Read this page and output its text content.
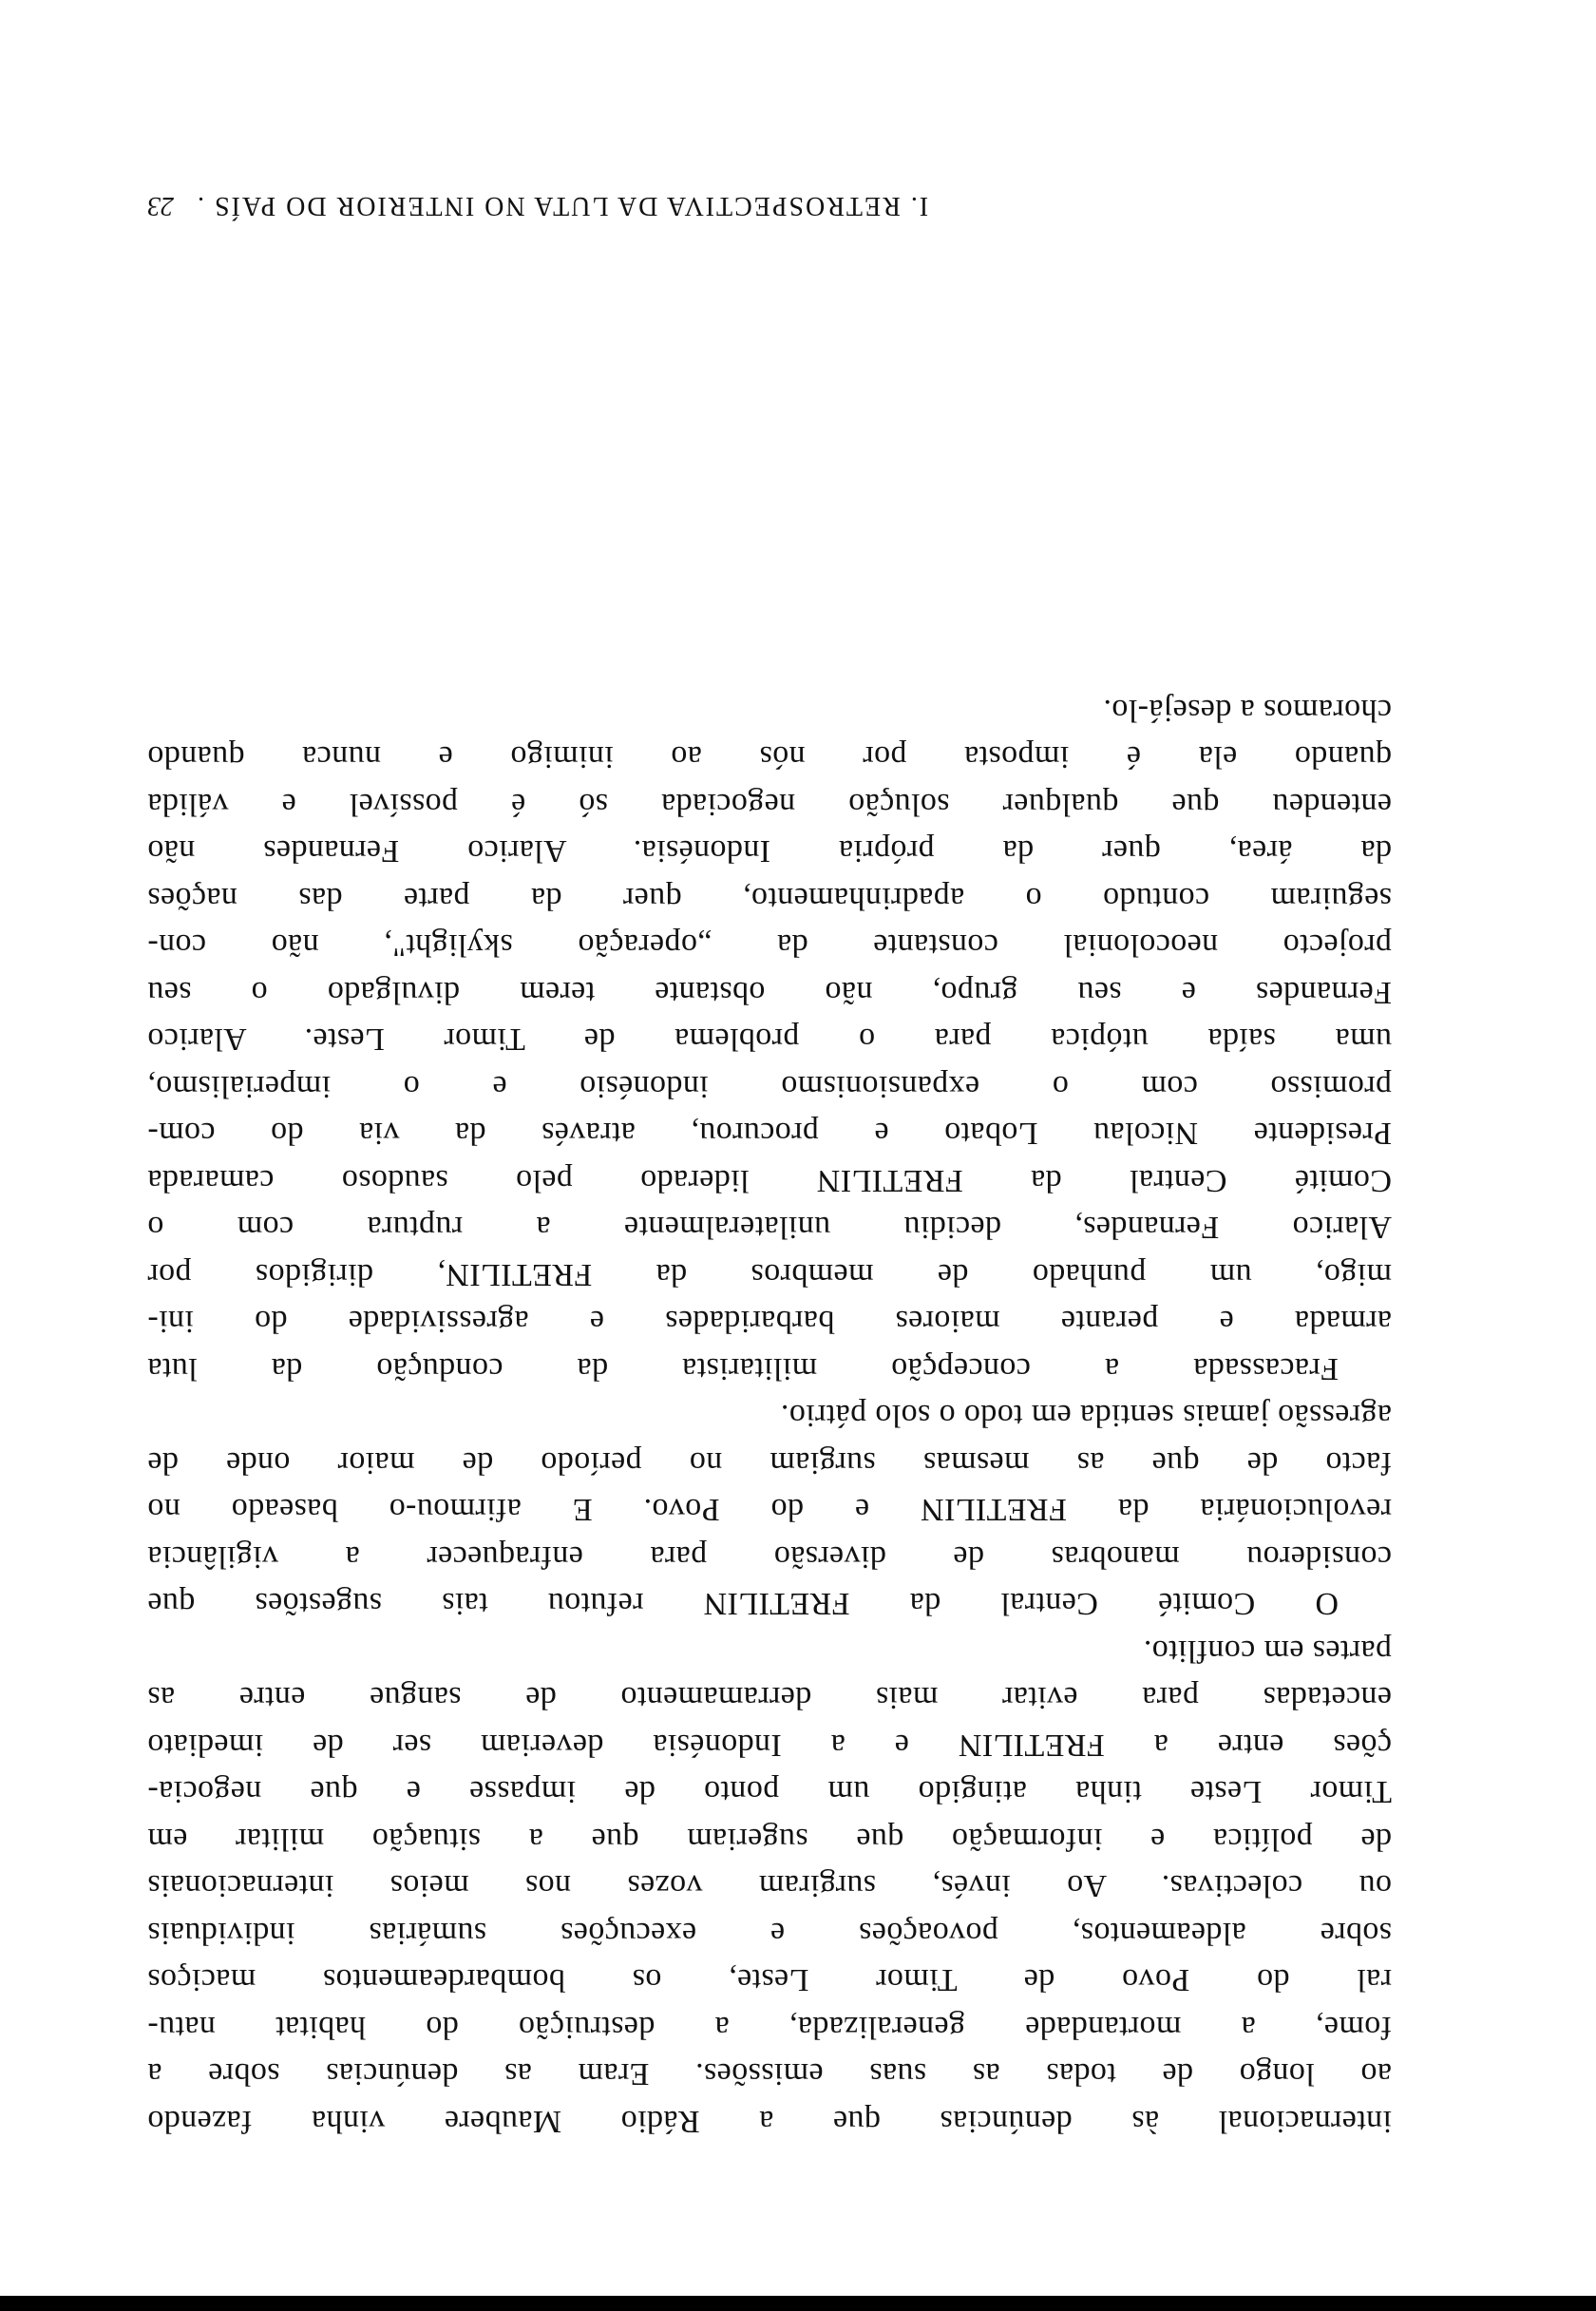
internacional às denúncias que a Rádio Maubere vinha fazendo
ao longo de todas as suas emissões. Eram as denúncias sobre a
fome, a mortandade generalizada, a destruição do habitat natu-
ral do Povo de Timor Leste, os bombardeamentos maciços
sobre aldeamentos, povoações e execuções sumárias individuais
ou colectivas. Ao invés, surgiram vozes nos meios internacionais
de política e informação que sugeriam que a situação militar em
Timor Leste tinha atingido um ponto de impasse e que negocia-
ções entre a FRETILIN e a Indonésia deveriam ser de imediato
encetadas para evitar mais derramamento de sangue entre as
partes em conflito.
O Comité Central da FRETILIN refutou tais sugestões que
considerou manobras de diversão para enfraquecer a vigilância
revolucionária da FRETILIN e do Povo. E afirmou-o baseado no
facto de que as mesmas surgiam no período de maior onde de
agressão jamais sentida em todo o solo pátrio.
Fracassada a concepção militarista da condução da luta
armada e perante maiores barbaridades e agressividade do ini-
migo, um punhado de membros da FRETILIN, dirigidos por
Alarico Fernandes, decidiu unilateralmente a ruptura com o
Comité Central da FRETILIN liderado pelo saudoso camarada
Presidente Nicolau Lobato e procurou, através da via do com-
promisso com o expansionismo indonésio e o imperialismo,
uma saída utópica para o problema de Timor Leste. Alarico
Fernandes e seu grupo, não obstante terem divulgado o seu
projecto neocolonial constante da „operação skylight", não con-
seguiram contudo o apadrinhamento, quer da parte das nações
da área, quer da própria Indonésia. Alarico Fernandes não
entendeu que qualquer solução negociada só é possível e válida
quando ela é imposta por nós ao inimigo e nunca quando
choramos a desejá-lo.
I. RETROSPECTIVA DA LUTA NO INTERIOR DO PAÍS . 23
